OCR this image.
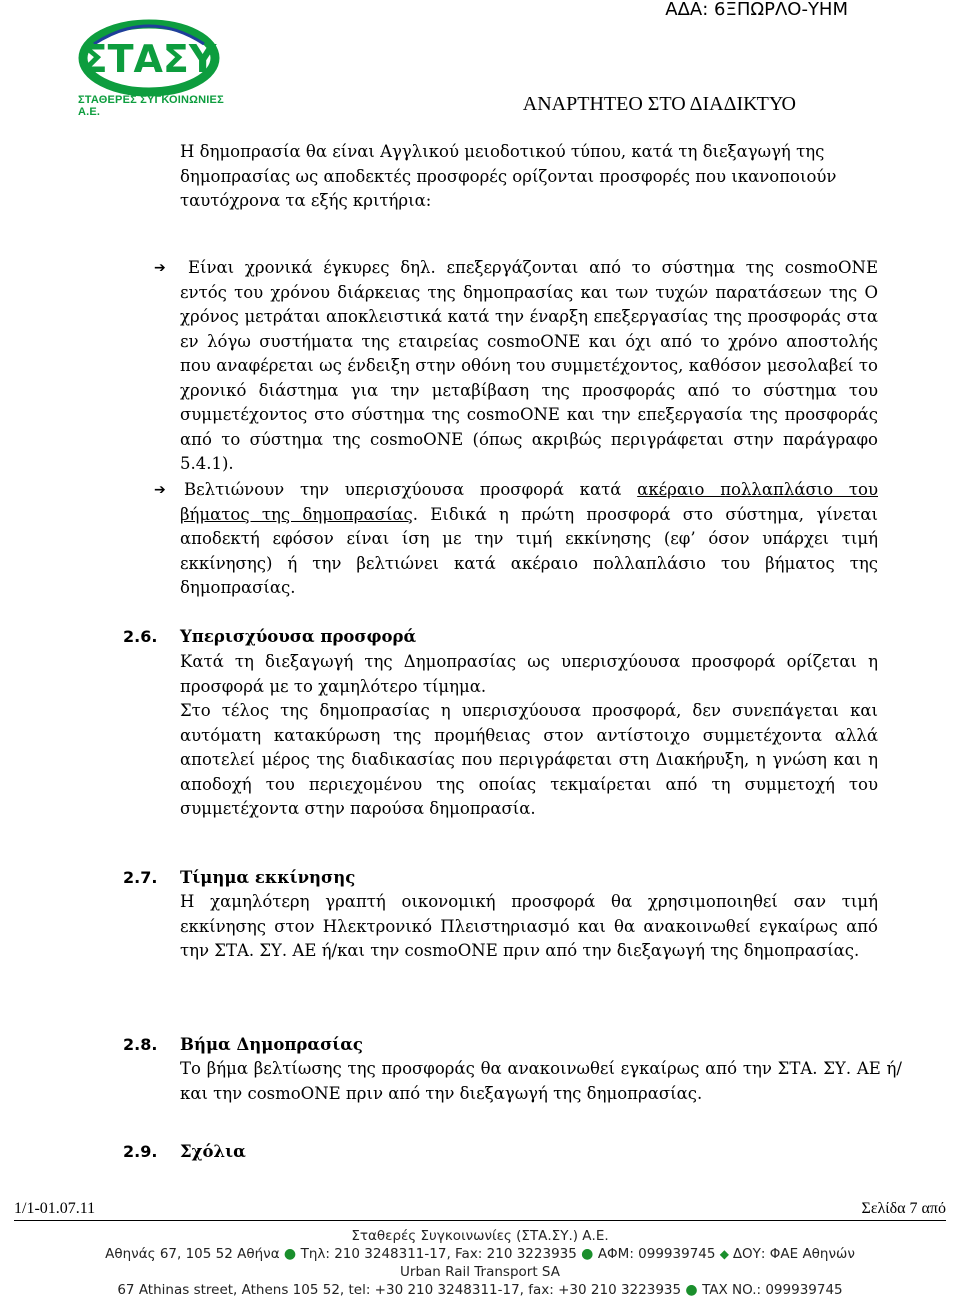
ΑΔΑ: 6ΞΠΩΡΛΟ-ΥΗΜ
ΣΤΑΣΥ
ΣΤΑΘΕΡΕΣ ΣΥΓΚΟΙΝΩΝΙΕΣ Α.Ε.	ΑΝΑΡΤΗΤΕΟ ΣΤΟ ΔΙΑΔΙΚΤΥΟ

Η δημοπρασία θα είναι Αγγλικού μειοδοτικού τύπου, κατά τη διεξαγωγή της δημοπρασίας ως αποδεκτές προσφορές ορίζονται προσφορές που ικανοποιούν ταυτόχρονα τα εξής κριτήρια:

➔	Είναι χρονικά έγκυρες δηλ. επεξεργάζονται από το σύστημα της cosmoONE εντός του χρόνου διάρκειας της δημοπρασίας και των τυχών παρατάσεων της Ο χρόνος μετράται αποκλειστικά κατά την έναρξη επεξεργασίας της προσφοράς στα εν λόγω συστήματα της εταιρείας cosmoONE και όχι από το χρόνο αποστολής που αναφέρεται ως ένδειξη στην οθόνη του συμμετέχοντος, καθόσον μεσολαβεί το χρονικό διάστημα για την μεταβίβαση της προσφοράς από το σύστημα του συμμετέχοντος στο σύστημα της cosmoONE και την επεξεργασία της προσφοράς από το σύστημα της cosmoONE (όπως ακριβώς περιγράφεται στην παράγραφο 5.4.1).

➔ Βελτιώνουν την υπερισχύουσα προσφορά κατά ακέραιο πολλαπλάσιο του βήματος της δημοπρασίας. Ειδικά η πρώτη προσφορά στο σύστημα, γίνεται αποδεκτή εφόσον είναι ίση με την τιμή εκκίνησης (εφ’ όσον υπάρχει τιμή εκκίνησης) ή την βελτιώνει κατά ακέραιο πολλαπλάσιο του βήματος της δημοπρασίας.

2.6. Υπερισχύουσα προσφορά
Κατά τη διεξαγωγή της Δημοπρασίας ως υπερισχύουσα προσφορά ορίζεται η προσφορά με το χαμηλότερο τίμημα.
Στο τέλος της δημοπρασίας η υπερισχύουσα προσφορά, δεν συνεπάγεται και αυτόματη κατακύρωση της προμήθειας στον αντίστοιχο συμμετέχοντα αλλά αποτελεί μέρος της διαδικασίας που περιγράφεται στη Διακήρυξη, η γνώση και η αποδοχή του περιεχομένου της οποίας τεκμαίρεται από τη συμμετοχή του συμμετέχοντα στην παρούσα δημοπρασία.
2.7. Τίμημα εκκίνησης
Η χαμηλότερη γραπτή οικονομική προσφορά θα χρησιμοποιηθεί σαν τιμή εκκίνησης στον Ηλεκτρονικό Πλειστηριασμό και θα ανακοινωθεί εγκαίρως από την ΣΤΑ. ΣΥ. ΑΕ ή/και την cosmoONE πριν από την διεξαγωγή της δημοπρασίας.
2.8. Βήμα Δημοπρασίας
Το βήμα βελτίωσης της προσφοράς θα ανακοινωθεί εγκαίρως από την ΣΤΑ. ΣΥ. ΑΕ ή/και την cosmoONE πριν από την διεξαγωγή της δημοπρασίας.
2.9. Σχόλια
1/1-01.07.11	Σελίδα 7 από
Σταθερές Συγκοινωνίες (ΣΤΑ.ΣΥ.) Α.Ε.
Αθηνάς 67, 105 52 Αθήνα ● Τηλ: 210 3248311-17, Fax: 210 3223935 ● ΑΦΜ: 099939745 ◆ ΔΟΥ: ΦΑΕ Αθηνών
Urban Rail Transport SA
67 Athinas street, Athens 105 52, tel: +30 210 3248311-17, fax: +30 210 3223935 ● TAX NO.: 099939745
